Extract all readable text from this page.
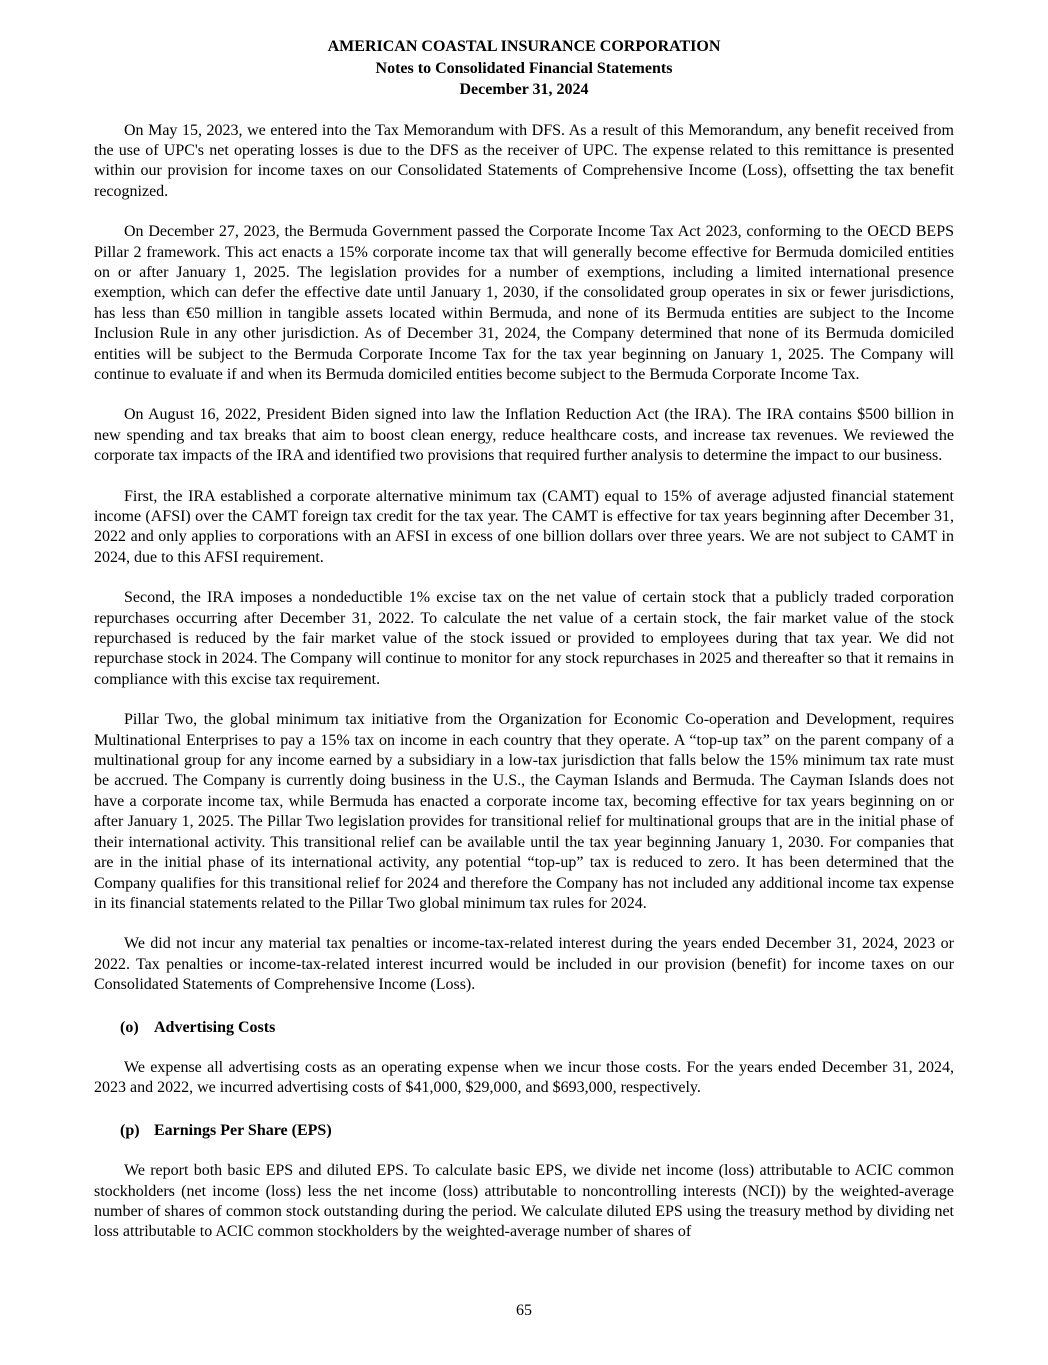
AMERICAN COASTAL INSURANCE CORPORATION
Notes to Consolidated Financial Statements
December 31, 2024

On May 15, 2023, we entered into the Tax Memorandum with DFS. As a result of this Memorandum, any benefit received from the use of UPC's net operating losses is due to the DFS as the receiver of UPC. The expense related to this remittance is presented within our provision for income taxes on our Consolidated Statements of Comprehensive Income (Loss), offsetting the tax benefit recognized.

On December 27, 2023, the Bermuda Government passed the Corporate Income Tax Act 2023, conforming to the OECD BEPS Pillar 2 framework. This act enacts a 15% corporate income tax that will generally become effective for Bermuda domiciled entities on or after January 1, 2025. The legislation provides for a number of exemptions, including a limited international presence exemption, which can defer the effective date until January 1, 2030, if the consolidated group operates in six or fewer jurisdictions, has less than €50 million in tangible assets located within Bermuda, and none of its Bermuda entities are subject to the Income Inclusion Rule in any other jurisdiction. As of December 31, 2024, the Company determined that none of its Bermuda domiciled entities will be subject to the Bermuda Corporate Income Tax for the tax year beginning on January 1, 2025. The Company will continue to evaluate if and when its Bermuda domiciled entities become subject to the Bermuda Corporate Income Tax.

On August 16, 2022, President Biden signed into law the Inflation Reduction Act (the IRA). The IRA contains $500 billion in new spending and tax breaks that aim to boost clean energy, reduce healthcare costs, and increase tax revenues. We reviewed the corporate tax impacts of the IRA and identified two provisions that required further analysis to determine the impact to our business.

First, the IRA established a corporate alternative minimum tax (CAMT) equal to 15% of average adjusted financial statement income (AFSI) over the CAMT foreign tax credit for the tax year. The CAMT is effective for tax years beginning after December 31, 2022 and only applies to corporations with an AFSI in excess of one billion dollars over three years. We are not subject to CAMT in 2024, due to this AFSI requirement.

Second, the IRA imposes a nondeductible 1% excise tax on the net value of certain stock that a publicly traded corporation repurchases occurring after December 31, 2022. To calculate the net value of a certain stock, the fair market value of the stock repurchased is reduced by the fair market value of the stock issued or provided to employees during that tax year. We did not repurchase stock in 2024. The Company will continue to monitor for any stock repurchases in 2025 and thereafter so that it remains in compliance with this excise tax requirement.

Pillar Two, the global minimum tax initiative from the Organization for Economic Co-operation and Development, requires Multinational Enterprises to pay a 15% tax on income in each country that they operate. A “top-up tax” on the parent company of a multinational group for any income earned by a subsidiary in a low-tax jurisdiction that falls below the 15% minimum tax rate must be accrued. The Company is currently doing business in the U.S., the Cayman Islands and Bermuda. The Cayman Islands does not have a corporate income tax, while Bermuda has enacted a corporate income tax, becoming effective for tax years beginning on or after January 1, 2025. The Pillar Two legislation provides for transitional relief for multinational groups that are in the initial phase of their international activity. This transitional relief can be available until the tax year beginning January 1, 2030. For companies that are in the initial phase of its international activity, any potential “top-up” tax is reduced to zero. It has been determined that the Company qualifies for this transitional relief for 2024 and therefore the Company has not included any additional income tax expense in its financial statements related to the Pillar Two global minimum tax rules for 2024.

We did not incur any material tax penalties or income-tax-related interest during the years ended December 31, 2024, 2023 or 2022. Tax penalties or income-tax-related interest incurred would be included in our provision (benefit) for income taxes on our Consolidated Statements of Comprehensive Income (Loss).

(o) Advertising Costs

We expense all advertising costs as an operating expense when we incur those costs. For the years ended December 31, 2024, 2023 and 2022, we incurred advertising costs of $41,000, $29,000, and $693,000, respectively.

(p) Earnings Per Share (EPS)

We report both basic EPS and diluted EPS. To calculate basic EPS, we divide net income (loss) attributable to ACIC common stockholders (net income (loss) less the net income (loss) attributable to noncontrolling interests (NCI)) by the weighted-average number of shares of common stock outstanding during the period. We calculate diluted EPS using the treasury method by dividing net loss attributable to ACIC common stockholders by the weighted-average number of shares of

65
